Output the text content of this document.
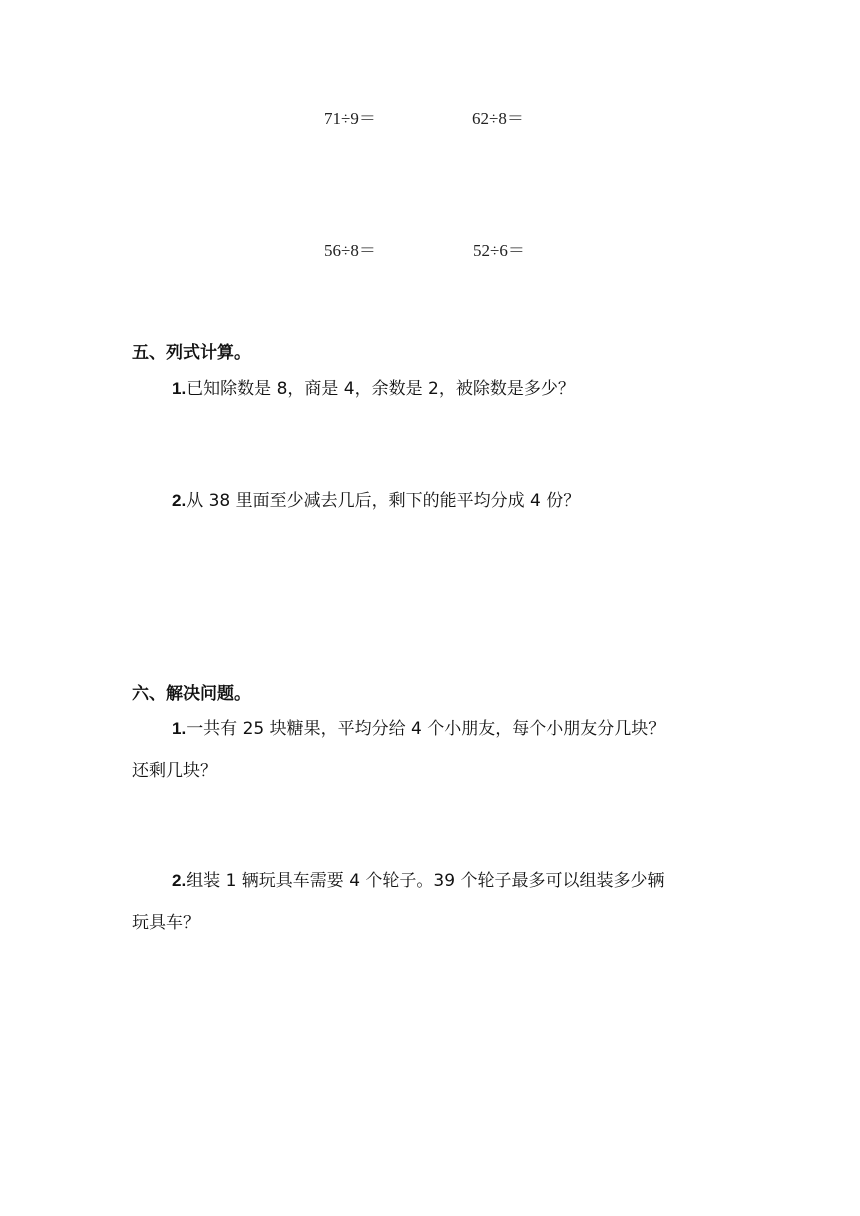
71÷9＝	62÷8＝
56÷8＝	52÷6＝
五、列式计算。
1.已知除数是 8，商是 4，余数是 2，被除数是多少？
2.从 38 里面至少减去几后，剩下的能平均分成 4 份？
六、解决问题。
1.一共有 25 块糖果，平均分给 4 个小朋友，每个小朋友分几块？
还剩几块？
2.组装 1 辆玩具车需要 4 个轮子。39 个轮子最多可以组装多少辆
玩具车？
